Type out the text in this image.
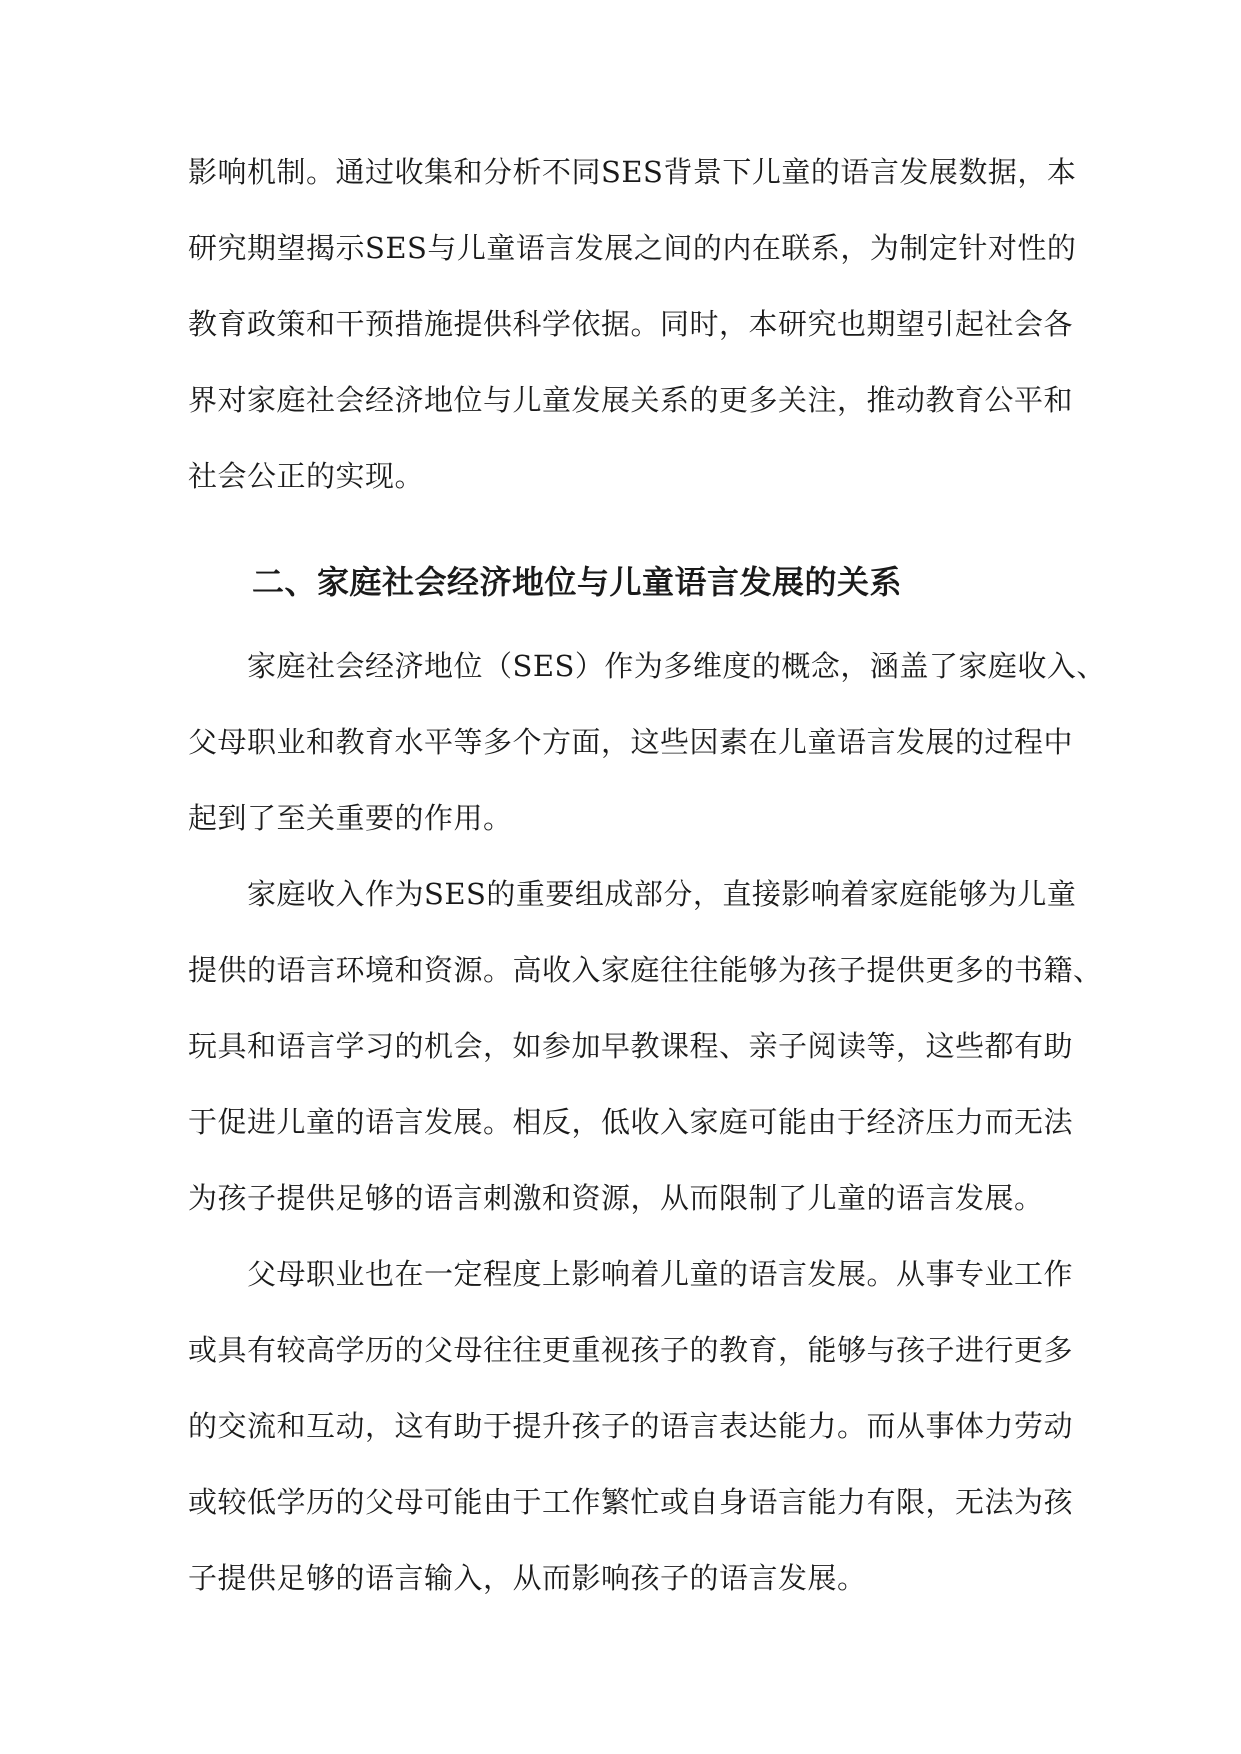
影响机制。通过收集和分析不同SES背景下儿童的语言发展数据，本
研究期望揭示SES与儿童语言发展之间的内在联系，为制定针对性的
教育政策和干预措施提供科学依据。同时，本研究也期望引起社会各
界对家庭社会经济地位与儿童发展关系的更多关注，推动教育公平和
社会公正的实现。
二、家庭社会经济地位与儿童语言发展的关系
家庭社会经济地位（SES）作为多维度的概念，涵盖了家庭收入、
父母职业和教育水平等多个方面，这些因素在儿童语言发展的过程中
起到了至关重要的作用。
家庭收入作为SES的重要组成部分，直接影响着家庭能够为儿童
提供的语言环境和资源。高收入家庭往往能够为孩子提供更多的书籍、
玩具和语言学习的机会，如参加早教课程、亲子阅读等，这些都有助
于促进儿童的语言发展。相反，低收入家庭可能由于经济压力而无法
为孩子提供足够的语言刺激和资源，从而限制了儿童的语言发展。
父母职业也在一定程度上影响着儿童的语言发展。从事专业工作
或具有较高学历的父母往往更重视孩子的教育，能够与孩子进行更多
的交流和互动，这有助于提升孩子的语言表达能力。而从事体力劳动
或较低学历的父母可能由于工作繁忙或自身语言能力有限，无法为孩
子提供足够的语言输入，从而影响孩子的语言发展。
